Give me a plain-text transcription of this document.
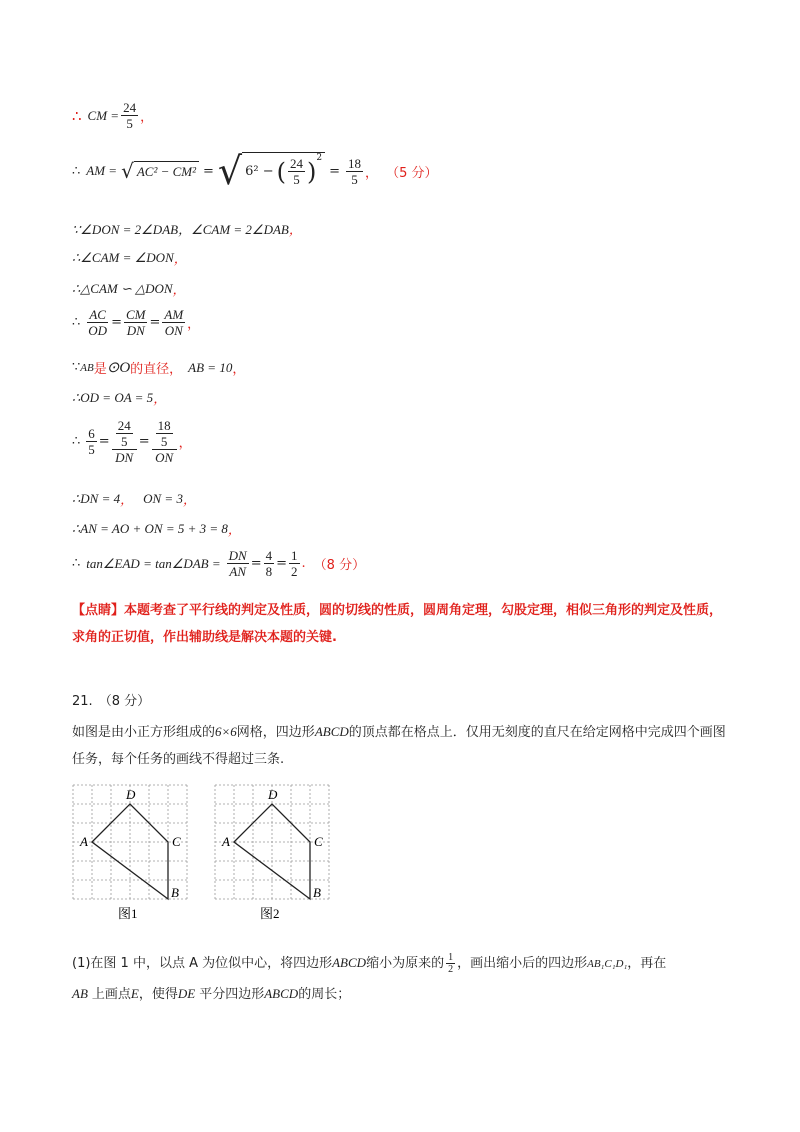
∴ CM = $\frac{24}{5}$ ，
∴ AM = √ AC² − CM² = √ 6² − ( $\frac{24}{5} )^2$
= $\frac{18}{5}$ ， （5 分）
∵∠DON = 2∠DAB，∠CAM = 2∠DAB ，
∴∠CAM = ∠DON ，
∴△CAM ∽ △DON ，
∴ $\frac{AC}{OD} = \frac{CM}{DN} = \frac{AM}{ON}$ ，
∵ AB 是 ⊙O 的直径， AB = 10 ，
∴OD = OA = 5 ，
∴ $\frac{6}{5} = \frac{\frac{24}{5}}{DN} = \frac{\frac{18}{5}}{ON}$ ，
∴DN = 4 ， ON = 3 ，
∴AN = AO + ON = 5 + 3 = 8 ，
∴ tan∠EAD = tan∠DAB = $\frac{DN}{AN} = \frac{4}{8} = \frac{1}{2}$ . （8 分）
【点睛】本题考查了平行线的判定及性质，圆的切线的性质，圆周角定理，勾股定理，相似三角形的判定及性质，求角的正切值，作出辅助线是解决本题的关键.
21. （8 分）
如图是由小正方形组成的6×6网格，四边形ABCD的顶点都在格点上．仅用无刻度的直尺在给定网格中完成四个画图任务，每个任务的画线不得超过三条.
A
D
C
B
图1
A
D
C
B
图2
(1)在图 1 中，以点 A 为位似中心，将四边形ABCD缩小为原来的 $\frac{1}{2}$ ，画出缩小后的四边形AB₁C₁D₁，再在
AB 上画点E，使得DE 平分四边形ABCD的周长；
